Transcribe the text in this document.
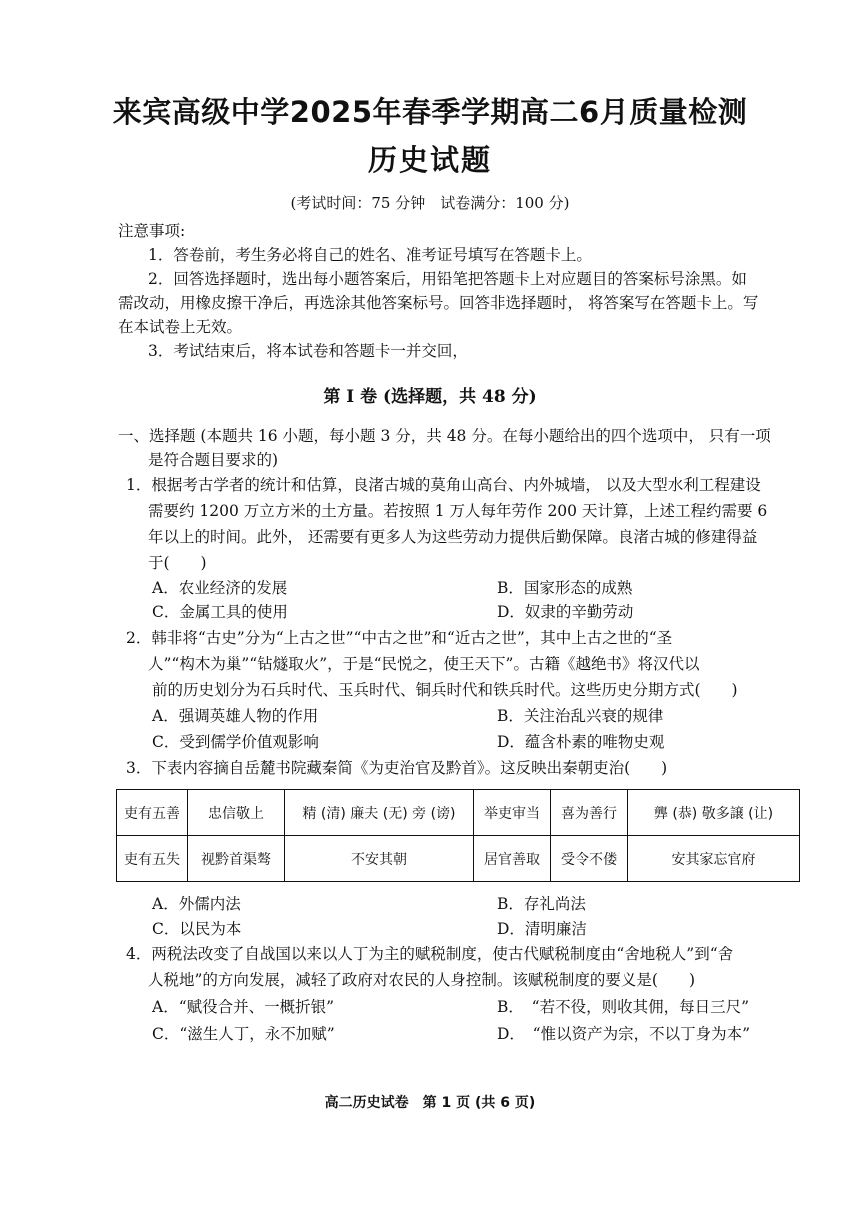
来宾高级中学2025年春季学期高二6月质量检测
历史试题
(考试时间：75 分钟　试卷满分：100 分)
注意事项:
1．答卷前，考生务必将自己的姓名、准考证号填写在答题卡上。
2．回答选择题时，选出每小题答案后，用铅笔把答题卡上对应题目的答案标号涂黑。如
需改动，用橡皮擦干净后，再选涂其他答案标号。回答非选择题时， 将答案写在答题卡上。写
在本试卷上无效。
3．考试结束后，将本试卷和答题卡一并交回，
第 I 卷 (选择题，共 48 分)
一、选择题 (本题共 16 小题，每小题 3 分，共 48 分。在每小题给出的四个选项中， 只有一项
是符合题目要求的)
1．根据考古学者的统计和估算，良渚古城的莫角山高台、内外城墙， 以及大型水利工程建设
需要约 1200 万立方米的土方量。若按照 1 万人每年劳作 200 天计算，上述工程约需要 6
年以上的时间。此外， 还需要有更多人为这些劳动力提供后勤保障。良渚古城的修建得益
于(　　)
A．农业经济的发展	B．国家形态的成熟
C．金属工具的使用	D．奴隶的辛勤劳动
2．韩非将“古史”分为“上古之世”“中古之世”和“近古之世”，其中上古之世的“圣
人”“构木为巢”“钻燧取火”，于是“民悦之，使王天下”。古籍《越绝书》将汉代以
前的历史划分为石兵时代、玉兵时代、铜兵时代和铁兵时代。这些历史分期方式(　　)
A．强调英雄人物的作用	B．关注治乱兴衰的规律
C．受到儒学价值观影响	D．蕴含朴素的唯物史观
3．下表内容摘自岳麓书院藏秦简《为吏治官及黔首》。这反映出秦朝吏治(　　)
吏有五善	忠信敬上	精 (清) 廉夫 (无) 旁 (谤)	举吏审当	喜为善行	龏 (恭) 敬多譲 (让)
吏有五失	视黔首渠骜	不安其朝	居官善取	受令不偻	安其家忘官府
A．外儒内法	B．存礼尚法
C．以民为本	D．清明廉洁
4．两税法改变了自战国以来以人丁为主的赋税制度，使古代赋税制度由“舍地税人”到“舍
人税地”的方向发展，减轻了政府对农民的人身控制。该赋税制度的要义是(　　)
A．“赋役合并、一概折银”	B．　“若不役，则收其佣，每日三尺”
C．“滋生人丁，永不加赋”	D．　“惟以资产为宗，不以丁身为本”
高二历史试卷　第 1 页 (共 6 页)
